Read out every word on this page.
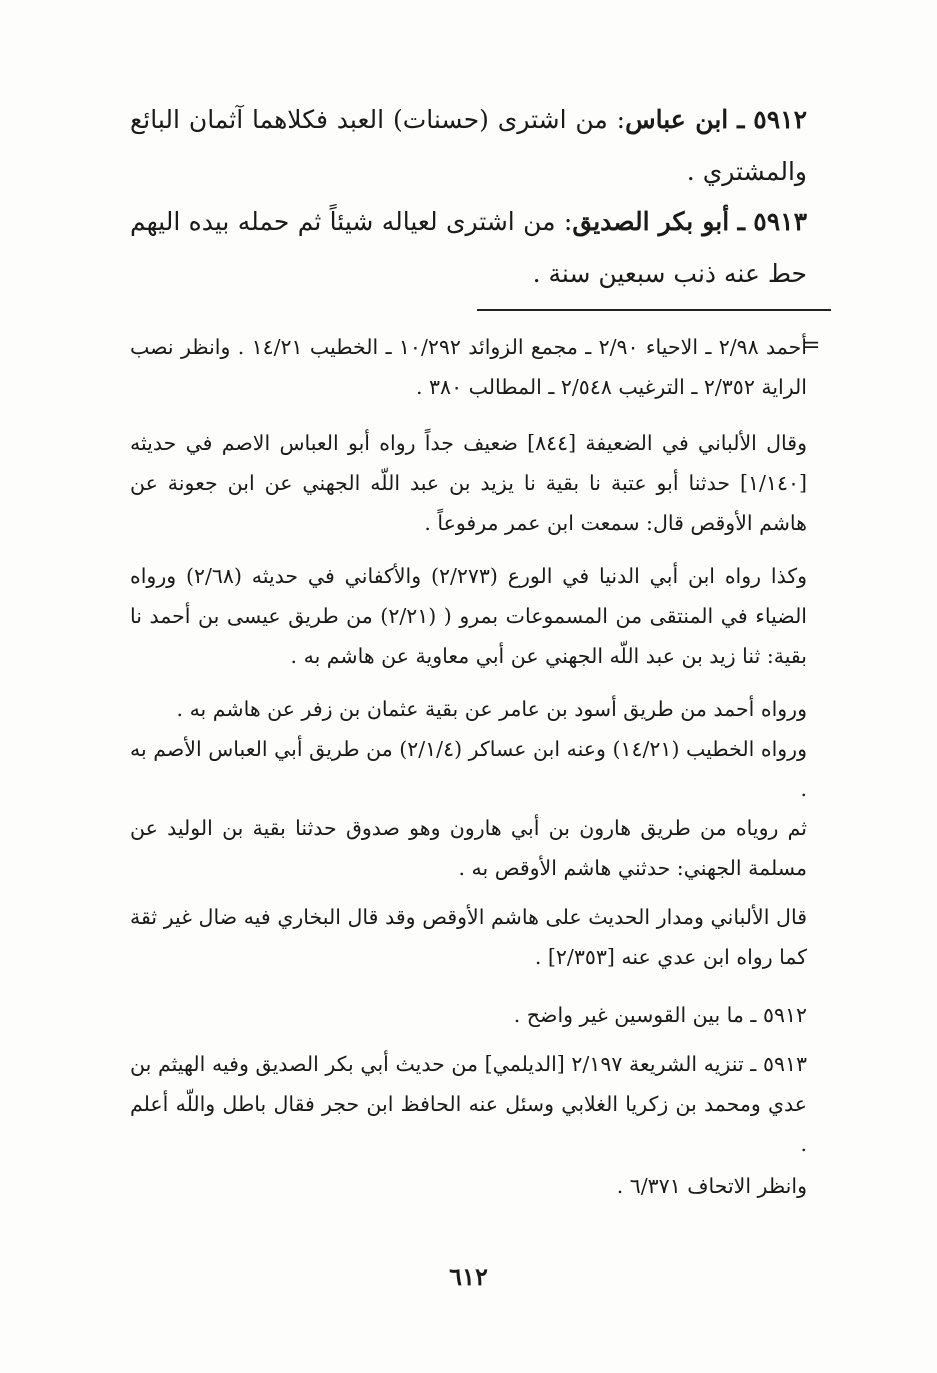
٥٩١٢ ـ ابن عباس: من اشترى (حسنات) العبد فكلاهما آثمان البائع والمشتري .
٥٩١٣ ـ أبو بكر الصديق: من اشترى لعياله شيئاً ثم حمله بيده اليهم حط عنه ذنب سبعين سنة .
=
أحمد ٢/٩٨ ـ الاحياء ٢/٩٠ ـ مجمع الزوائد ١٠/٢٩٢ ـ الخطيب ١٤/٢١ . وانظر نصب الراية ٢/٣٥٢ ـ الترغيب ٢/٥٤٨ ـ المطالب ٣٨٠ .
وقال الألباني في الضعيفة [٨٤٤] ضعيف جداً رواه أبو العباس الاصم في حديثه [١/١٤٠] حدثنا أبو عتبة نا بقية نا يزيد بن عبد اللّه الجهني عن ابن جعونة عن هاشم الأوقص قال: سمعت ابن عمر مرفوعاً .
وكذا رواه ابن أبي الدنيا في الورع (٢/٢٧٣) والأكفاني في حديثه (٢/٦٨) ورواه الضياء في المنتقى من المسموعات بمرو ( (٢/٢١) من طريق عيسى بن أحمد نا بقية: ثنا زيد بن عبد اللّه الجهني عن أبي معاوية عن هاشم به .
ورواه أحمد من طريق أسود بن عامر عن بقية عثمان بن زفر عن هاشم به .
ورواه الخطيب (١٤/٢١) وعنه ابن عساكر (٢/١/٤) من طريق أبي العباس الأصم به .
ثم روياه من طريق هارون بن أبي هارون وهو صدوق حدثنا بقية بن الوليد عن مسلمة الجهني: حدثني هاشم الأوقص به .
قال الألباني ومدار الحديث على هاشم الأوقص وقد قال البخاري فيه ضال غير ثقة كما رواه ابن عدي عنه [٢/٣٥٣] .
٥٩١٢ ـ ما بين القوسين غير واضح .
٥٩١٣ ـ تنزيه الشريعة ٢/١٩٧ [الديلمي] من حديث أبي بكر الصديق وفيه الهيثم بن عدي ومحمد بن زكريا الغلابي وسئل عنه الحافظ ابن حجر فقال باطل واللّه أعلم .
وانظر الاتحاف ٦/٣٧١ .
٦١٢
